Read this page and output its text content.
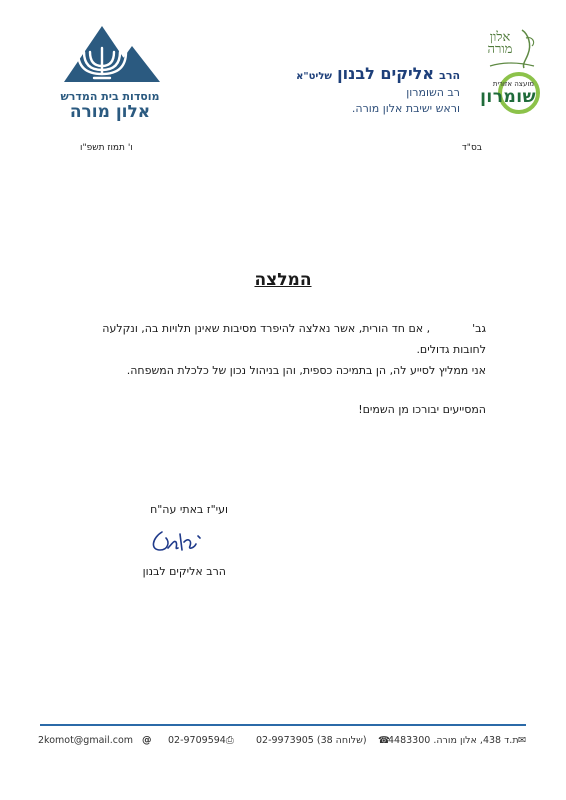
אלון מורה
מועצה אזורית
שומרון
הרב אליקים לבנון שליט"א
רב השומרון
וראש ישיבת אלון מורה.
מוסדות בית המדרש
אלון מורה
בס"ד
ו' תמוז תשפ"ו
המלצה

גב'            , אם חד הורית, אשר נאלצה להיפרד מסיבות שאינן תלויות בה, ונקלעה

לחובות גדולים.

אני ממליץ לסייע לה, הן בתמיכה כספית, והן בניהול נכון של כלכלת המשפחה.

המסייעים יבורכו מן השמים!
ועי"ז באתי עה"ח
הרב אליקים לבנון
2komot@gmail.com @ 02-9709594 ⎙ 02-9973905 (שלוחה 38) ☎
ת.ד 438, אלון מורה. 4483300 ✉
